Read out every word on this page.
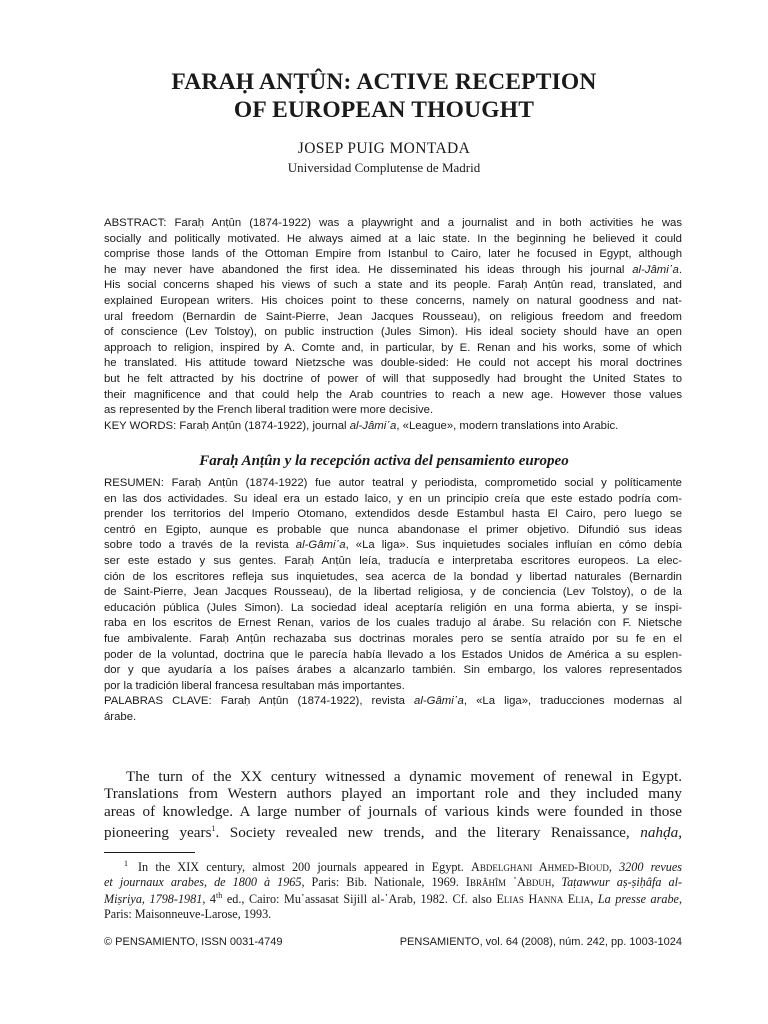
FARAḤ ANṬÛN: ACTIVE RECEPTION
OF EUROPEAN THOUGHT
JOSEP PUIG MONTADA
Universidad Complutense de Madrid
ABSTRACT: Faraḥ Anṭûn (1874-1922) was a playwright and a journalist and in both activities he was
socially and politically motivated. He always aimed at a laic state. In the beginning he believed it could
comprise those lands of the Ottoman Empire from Istanbul to Cairo, later he focused in Egypt, although
he may never have abandoned the first idea. He disseminated his ideas through his journal al-Jâmi῾a.
His social concerns shaped his views of such a state and its people. Faraḥ Anṭûn read, translated, and
explained European writers. His choices point to these concerns, namely on natural goodness and nat-
ural freedom (Bernardin de Saint-Pierre, Jean Jacques Rousseau), on religious freedom and freedom
of conscience (Lev Tolstoy), on public instruction (Jules Simon). His ideal society should have an open
approach to religion, inspired by A. Comte and, in particular, by E. Renan and his works, some of which
he translated. His attitude toward Nietzsche was double-sided: He could not accept his moral doctrines
but he felt attracted by his doctrine of power of will that supposedly had brought the United States to
their magnificence and that could help the Arab countries to reach a new age. However those values
as represented by the French liberal tradition were more decisive.
KEY WORDS: Faraḥ Anṭûn (1874-1922), journal al-Jâmi῾a, «League», modern translations into Arabic.
Faraḥ Anṭûn y la recepción activa del pensamiento europeo
RESUMEN: Faraḥ Anṭûn (1874-1922) fue autor teatral y periodista, comprometido social y políticamente
en las dos actividades. Su ideal era un estado laico, y en un principio creía que este estado podría com-
prender los territorios del Imperio Otomano, extendidos desde Estambul hasta El Cairo, pero luego se
centró en Egipto, aunque es probable que nunca abandonase el primer objetivo. Difundió sus ideas
sobre todo a través de la revista al-Gâmi῾a, «La liga». Sus inquietudes sociales influían en cómo debía
ser este estado y sus gentes. Faraḥ Anṭûn leía, traducía e interpretaba escritores europeos. La elec-
ción de los escritores refleja sus inquietudes, sea acerca de la bondad y libertad naturales (Bernardin
de Saint-Pierre, Jean Jacques Rousseau), de la libertad religiosa, y de conciencia (Lev Tolstoy), o de la
educación pública (Jules Simon). La sociedad ideal aceptaría religión en una forma abierta, y se inspi-
raba en los escritos de Ernest Renan, varios de los cuales tradujo al árabe. Su relación con F. Nietsche
fue ambivalente. Faraḥ Anṭûn rechazaba sus doctrinas morales pero se sentía atraído por su fe en el
poder de la voluntad, doctrina que le parecía había llevado a los Estados Unidos de América a su esplen-
dor y que ayudaría a los países árabes a alcanzarlo también. Sin embargo, los valores representados
por la tradición liberal francesa resultaban más importantes.
PALABRAS CLAVE: Faraḥ Anṭûn (1874-1922), revista al-Gâmi῾a, «La liga», traducciones modernas al
árabe.
The turn of the XX century witnessed a dynamic movement of renewal in Egypt.
Translations from Western authors played an important role and they included many
areas of knowledge. A large number of journals of various kinds were founded in those
pioneering years$^1$. Society revealed new trends, and the literary Renaissance, nahḍa,
$^1$ In the XIX century, almost 200 journals appeared in Egypt. Abdelghani Ahmed-Bioud, 3200 revues
et journaux arabes, de 1800 à 1965, Paris: Bib. Nationale, 1969. Ibrâhîm ῾Abduh, Taṭawwur aṣ-ṣiḥâfa al-
Miṣriya, 1798-1981, 4th ed., Cairo: Mu῾assasat Sijill al-῾Arab, 1982. Cf. also Elias Hanna Elia, La presse arabe,
Paris: Maisonneuve-Larose, 1993.
© PENSAMIENTO, ISSN 0031-4749	PENSAMIENTO, vol. 64 (2008), núm. 242, pp. 1003-1024
